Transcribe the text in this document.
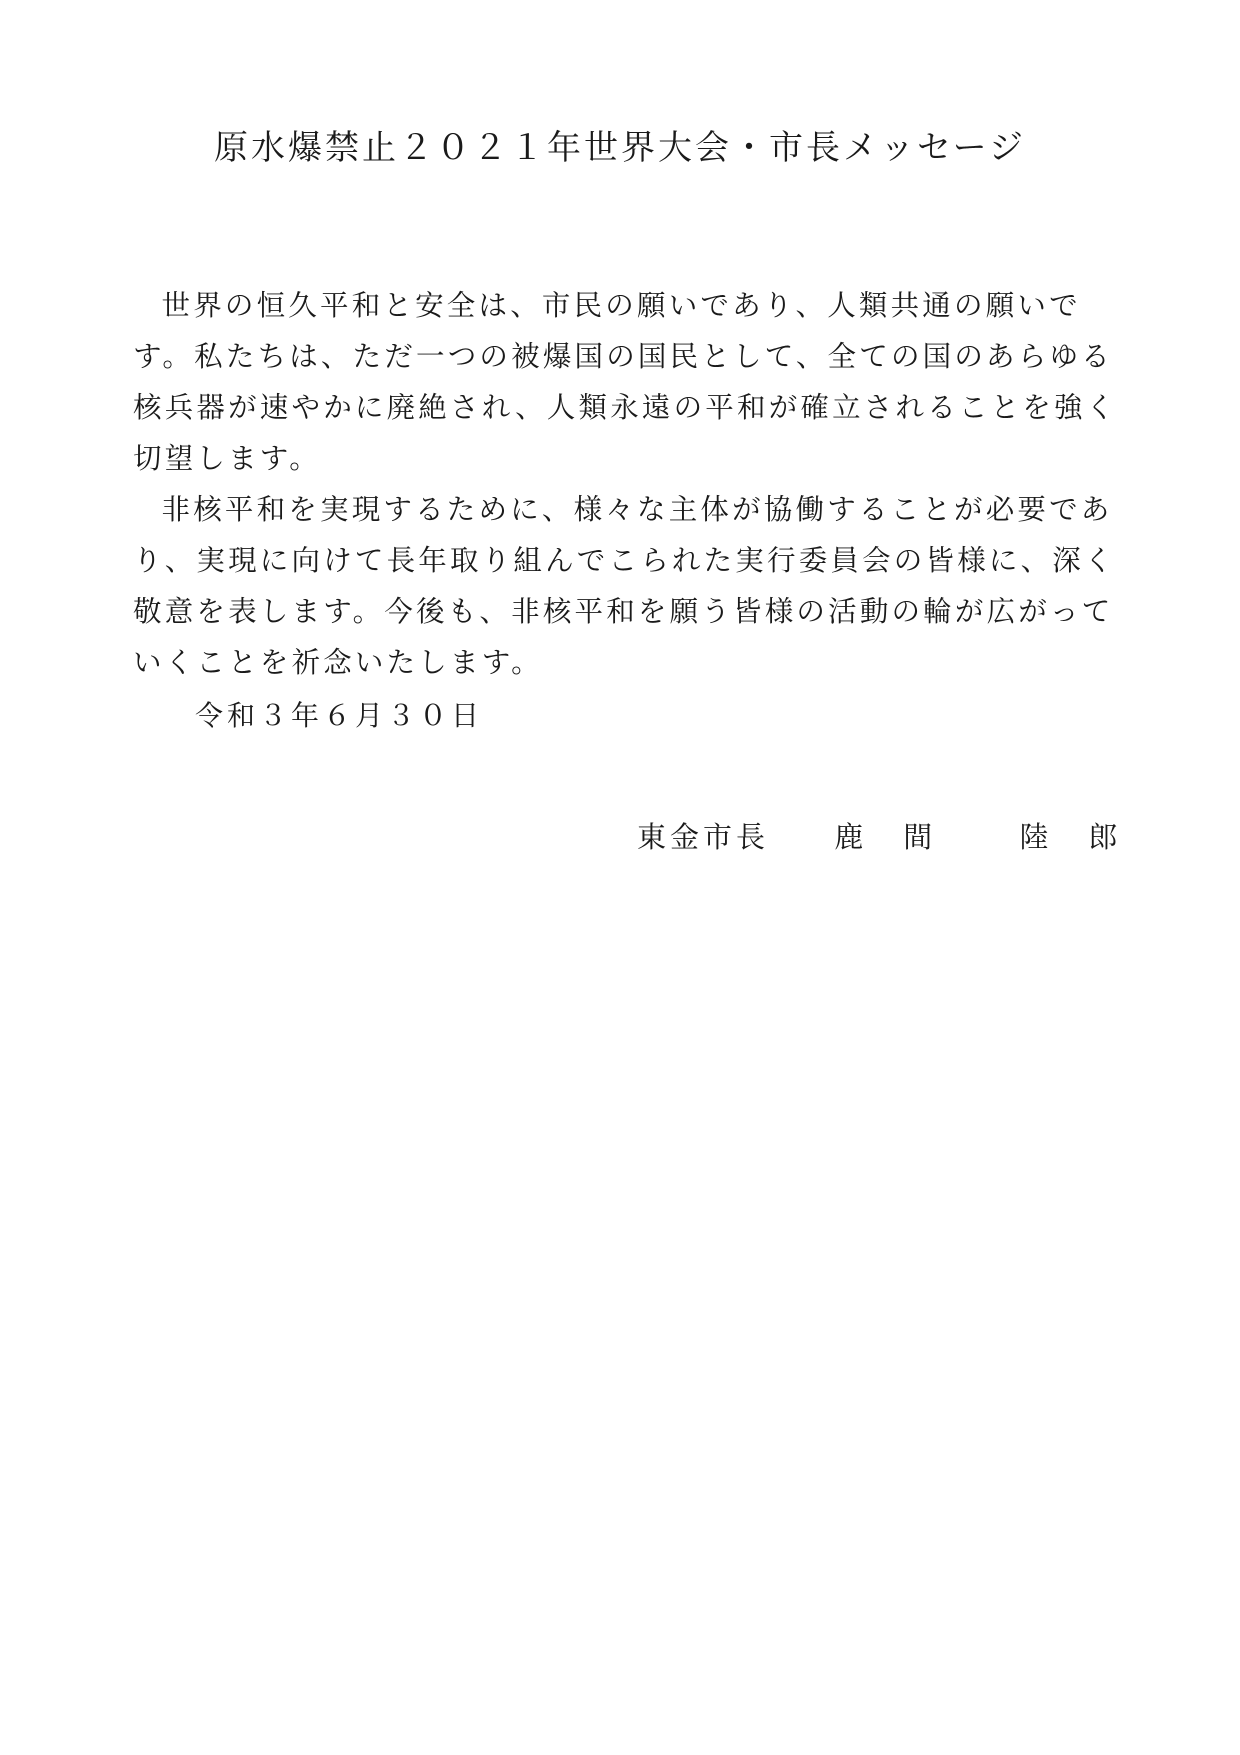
原水爆禁止２０２１年世界大会・市長メッセージ

世界の恒久平和と安全は、市民の願いであり、人類共通の願いです。私たちは、ただ一つの被爆国の国民として、全ての国のあらゆる核兵器が速やかに廃絶され、人類永遠の平和が確立されることを強く切望します。

非核平和を実現するために、様々な主体が協働することが必要であり、実現に向けて長年取り組んでこられた実行委員会の皆様に、深く敬意を表します。今後も、非核平和を願う皆様の活動の輪が広がっていくことを祈念いたします。

令和３年６月３０日
東金市長 鹿間 陸郎
